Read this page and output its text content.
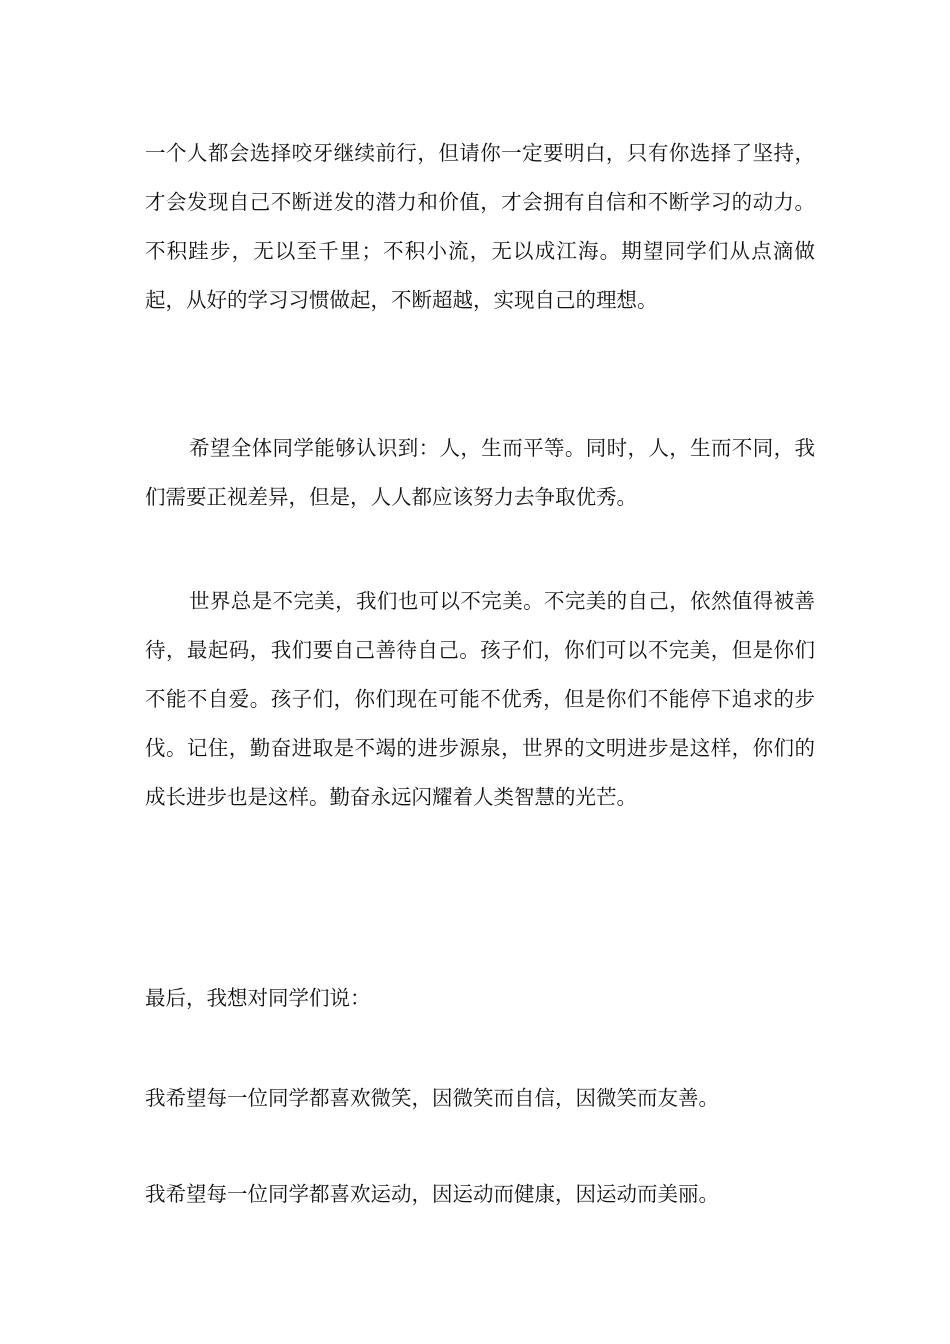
一个人都会选择咬牙继续前行，但请你一定要明白，只有你选择了坚持，才会发现自己不断迸发的潜力和价值，才会拥有自信和不断学习的动力。不积跬步，无以至千里；不积小流，无以成江海。期望同学们从点滴做起，从好的学习习惯做起，不断超越，实现自己的理想。

希望全体同学能够认识到：人，生而平等。同时，人，生而不同，我们需要正视差异，但是，人人都应该努力去争取优秀。

世界总是不完美，我们也可以不完美。不完美的自己，依然值得被善待，最起码，我们要自己善待自己。孩子们，你们可以不完美，但是你们不能不自爱。孩子们，你们现在可能不优秀，但是你们不能停下追求的步伐。记住，勤奋进取是不竭的进步源泉，世界的文明进步是这样，你们的成长进步也是这样。勤奋永远闪耀着人类智慧的光芒。

最后，我想对同学们说：

我希望每一位同学都喜欢微笑，因微笑而自信，因微笑而友善。

我希望每一位同学都喜欢运动，因运动而健康，因运动而美丽。
